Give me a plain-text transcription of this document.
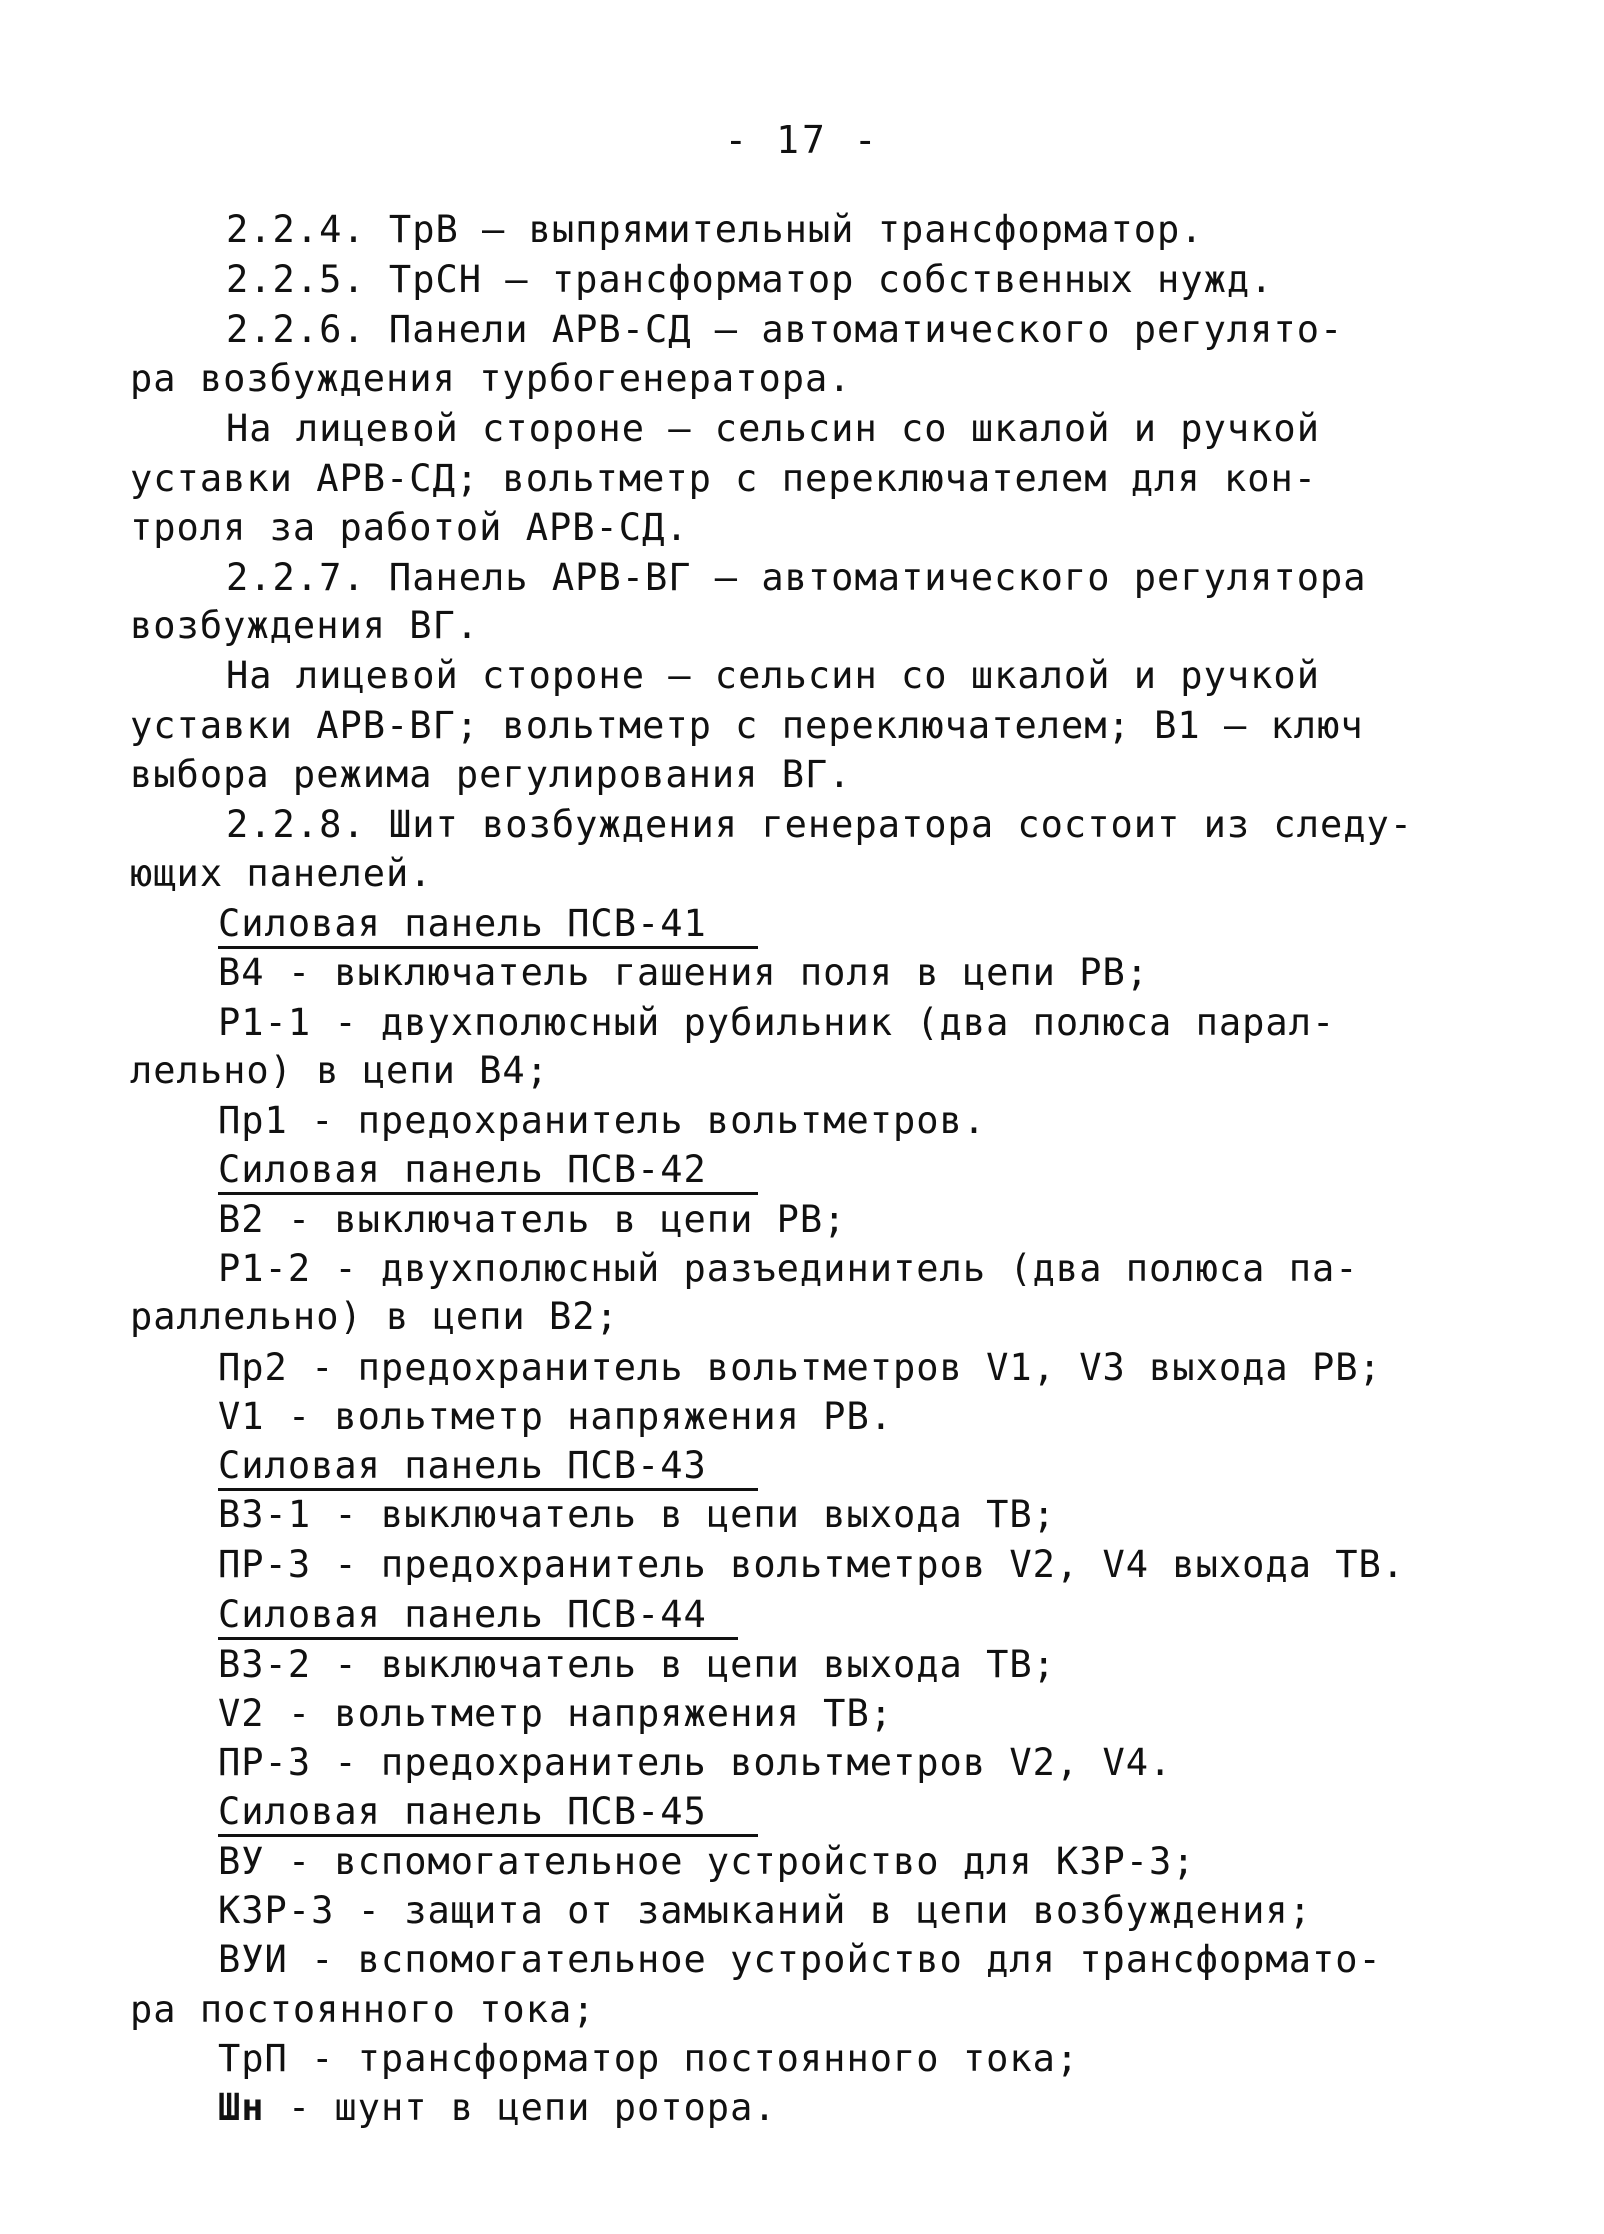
- 17 -
2.2.4. ТрВ — выпрямительный трансформатор.
2.2.5. ТрСН — трансформатор собственных нужд.
2.2.6. Панели АРВ-СД — автоматического регулято-
ра возбуждения турбогенератора.
На лицевой стороне — сельсин со шкалой и ручкой
уставки АРВ-СД; вольтметр с переключателем для кон-
троля за работой АРВ-СД.
2.2.7. Панель АРВ-ВГ — автоматического регулятора
возбуждения ВГ.
На лицевой стороне — сельсин со шкалой и ручкой
уставки АРВ-ВГ; вольтметр с переключателем; В1 — ключ
выбора режима регулирования ВГ.
2.2.8. Шит возбуждения генератора состоит из следу-
ющих панелей.
Силовая панель ПСВ-41
В4 - выключатель гашения поля в цепи РВ;
Р1-1 - двухполюсный рубильник (два полюса парал-
лельно) в цепи В4;
Пр1 - предохранитель вольтметров.
Силовая панель ПСВ-42
В2 - выключатель в цепи РВ;
Р1-2 - двухполюсный разъединитель (два полюса па-
раллельно) в цепи В2;
Пр2 - предохранитель вольтметров V1, V3 выхода РВ;
V1 - вольтметр напряжения РВ.
Силовая панель ПСВ-43
В3-1 - выключатель в цепи выхода ТВ;
ПР-3 - предохранитель вольтметров V2, V4 выхода ТВ.
Силовая панель ПСВ-44
В3-2 - выключатель в цепи выхода ТВ;
V2 - вольтметр напряжения ТВ;
ПР-3 - предохранитель вольтметров V2, V4.
Силовая панель ПСВ-45
ВУ - вспомогательное устройство для КЗР-3;
КЗР-3 - защита от замыканий в цепи возбуждения;
ВУИ - вспомогательное устройство для трансформато-
ра постоянного тока;
ТрП - трансформатор постоянного тока;
Шн - шунт в цепи ротора.
